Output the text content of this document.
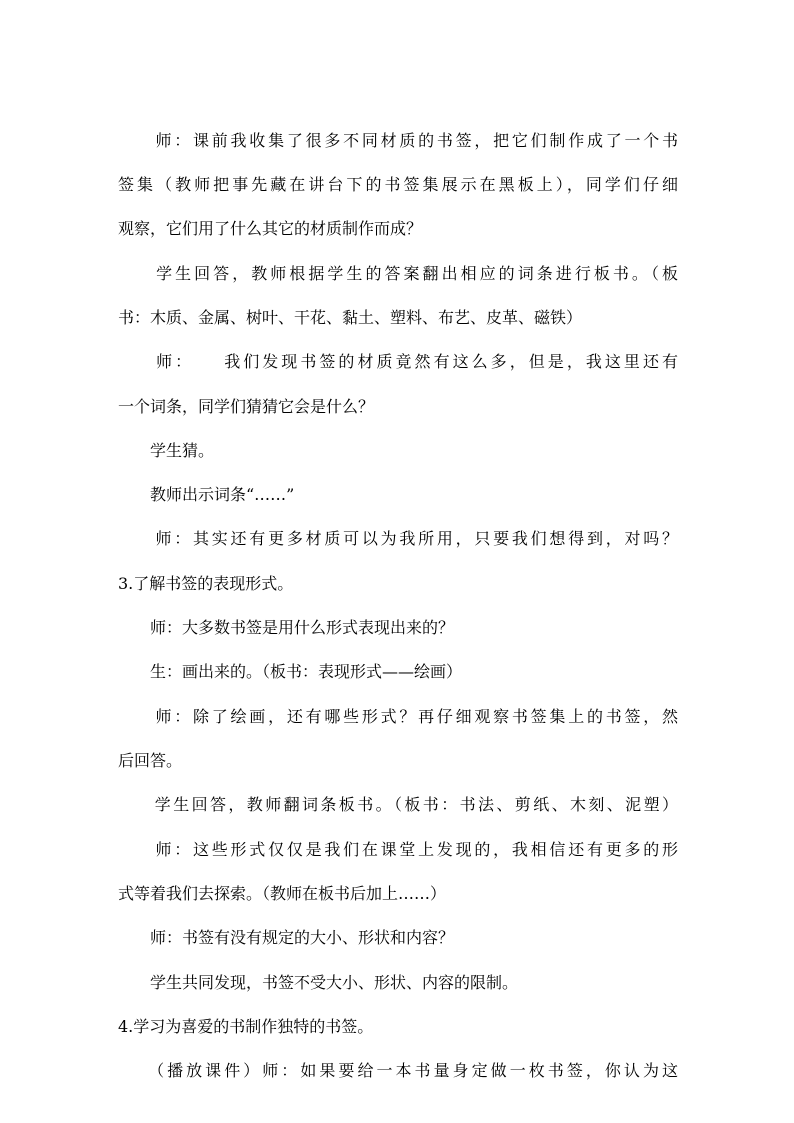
　　师：课前我收集了很多不同材质的书签，把它们制作成了一个书
签集（教师把事先藏在讲台下的书签集展示在黑板上），同学们仔细
观察，它们用了什么其它的材质制作而成？
　　学生回答，教师根据学生的答案翻出相应的词条进行板书。（板
书：木质、金属、树叶、干花、黏土、塑料、布艺、皮革、磁铁）
　　师：　　我们发现书签的材质竟然有这么多，但是，我这里还有
一个词条，同学们猜猜它会是什么？
　　学生猜。
　　教师出示词条“……”
　　师：其实还有更多材质可以为我所用，只要我们想得到，对吗？
3.了解书签的表现形式。
　　师：大多数书签是用什么形式表现出来的？
　　生：画出来的。（板书：表现形式——绘画）
　　师：除了绘画，还有哪些形式？再仔细观察书签集上的书签，然
后回答。
　　学生回答，教师翻词条板书。（板书：书法、剪纸、木刻、泥塑）
　　师：这些形式仅仅是我们在课堂上发现的，我相信还有更多的形
式等着我们去探索。（教师在板书后加上……）
　　师：书签有没有规定的大小、形状和内容？
　　学生共同发现，书签不受大小、形状、内容的限制。
4.学习为喜爱的书制作独特的书签。
　　（播放课件）师：如果要给一本书量身定做一枚书签，你认为这
